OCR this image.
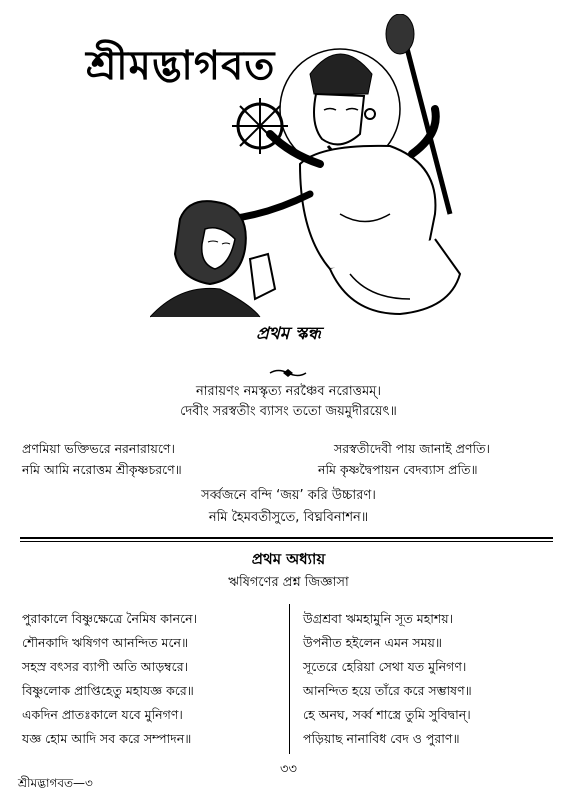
শ্রীমদ্ভাগবত
প্রথম স্কন্ধ
নারায়ণং নমস্কৃত্য নরঞ্চৈব নরোত্তমম্।
দেবীং সরস্বতীং ব্যাসং ততো জয়মুদীরয়েৎ॥
প্রণমিয়া ভক্তিভরে নরনারায়ণে।
নমি আমি নরোত্তম শ্রীকৃষ্ণচরণে॥
সরস্বতীদেবী পায় জানাই প্রণতি।
নমি কৃষ্ণদ্বৈপায়ন বেদব্যাস প্রতি॥
সর্ব্বজনে বন্দি ‘জয়’ করি উচ্চারণ।
নমি হৈমবতীসুতে, বিঘ্নবিনাশন॥
প্রথম অধ্যায়
ঋষিগণের প্রশ্ন জিজ্ঞাসা
পুরাকালে বিষ্ণুক্ষেত্রে নৈমিষ কাননে।
শৌনকাদি ঋষিগণ আনন্দিত মনে॥
সহস্র বৎসর ব্যাপী অতি আড়ম্বরে।
বিষ্ণুলোক প্রাপ্তিহেতু মহাযজ্ঞ করে॥
একদিন প্রাতঃকালে যবে মুনিগণ।
যজ্ঞ হোম আদি সব করে সম্পাদন॥
উগ্রশ্রবা ঋমহামুনি সূত মহাশয়।
উপনীত হইলেন এমন সময়॥
সূতেরে হেরিয়া সেথা যত মুনিগণ।
আনন্দিত হয়ে তাঁরে করে সম্ভাষণ॥
হে অনঘ, সর্ব্ব শাস্ত্রে তুমি সুবিদ্বান্।
পড়িয়াছ নানাবিধ বেদ ও পুরাণ॥
৩৩
শ্রীমদ্ভাগবত—৩
